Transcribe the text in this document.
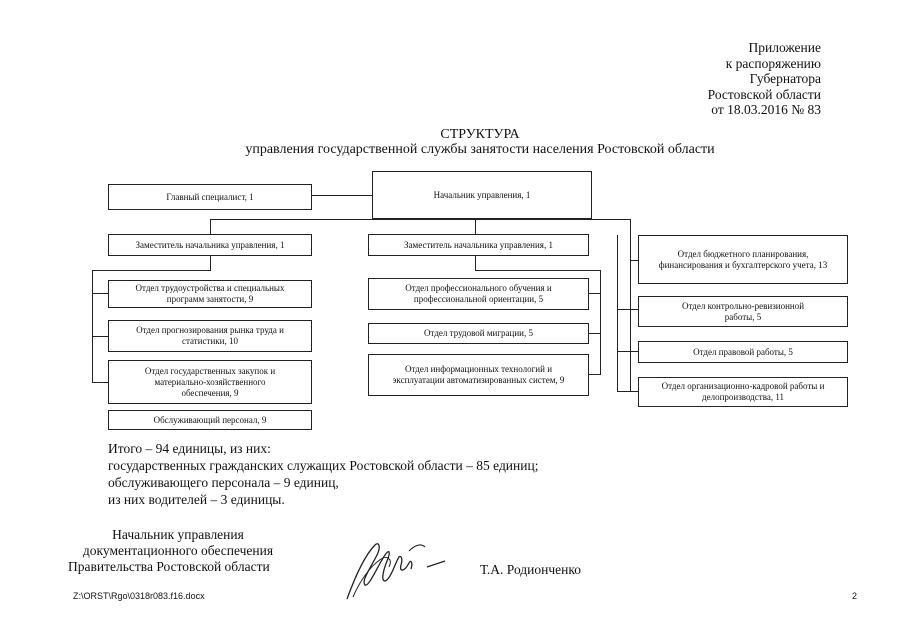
Приложение
к распоряжению
Губернатора
Ростовской области
от 18.03.2016 № 83
СТРУКТУРА
управления государственной службы занятости населения Ростовской области
Главный специалист, 1	Начальник управления, 1
Заместитель начальника управления, 1	Заместитель начальника управления, 1
Отдел трудоустройства и специальных программ занятости, 9
Отдел прогнозирования рынка труда и статистики, 10
Отдел государственных закупок и материально-хозяйственного обеспечения, 9
Обслуживающий персонал, 9
Отдел профессионального обучения и профессиональной ориентации, 5
Отдел трудовой миграции, 5
Отдел информационных технологий и эксплуатации автоматизированных систем, 9
Отдел бюджетного планирования, финансирования и бухгалтерского учета, 13
Отдел контрольно-ревизионной работы, 5
Отдел правовой работы, 5
Отдел организационно-кадровой работы и делопроизводства, 11
Итого – 94 единицы, из них:
государственных гражданских служащих Ростовской области – 85 единиц;
обслуживающего персонала – 9 единиц,
из них водителей – 3 единицы.
Начальник управления
документационного обеспечения
Правительства Ростовской области	Т.А. Родионченко
Z:\ORST\Rgo\0318r083.f16.docx	2
